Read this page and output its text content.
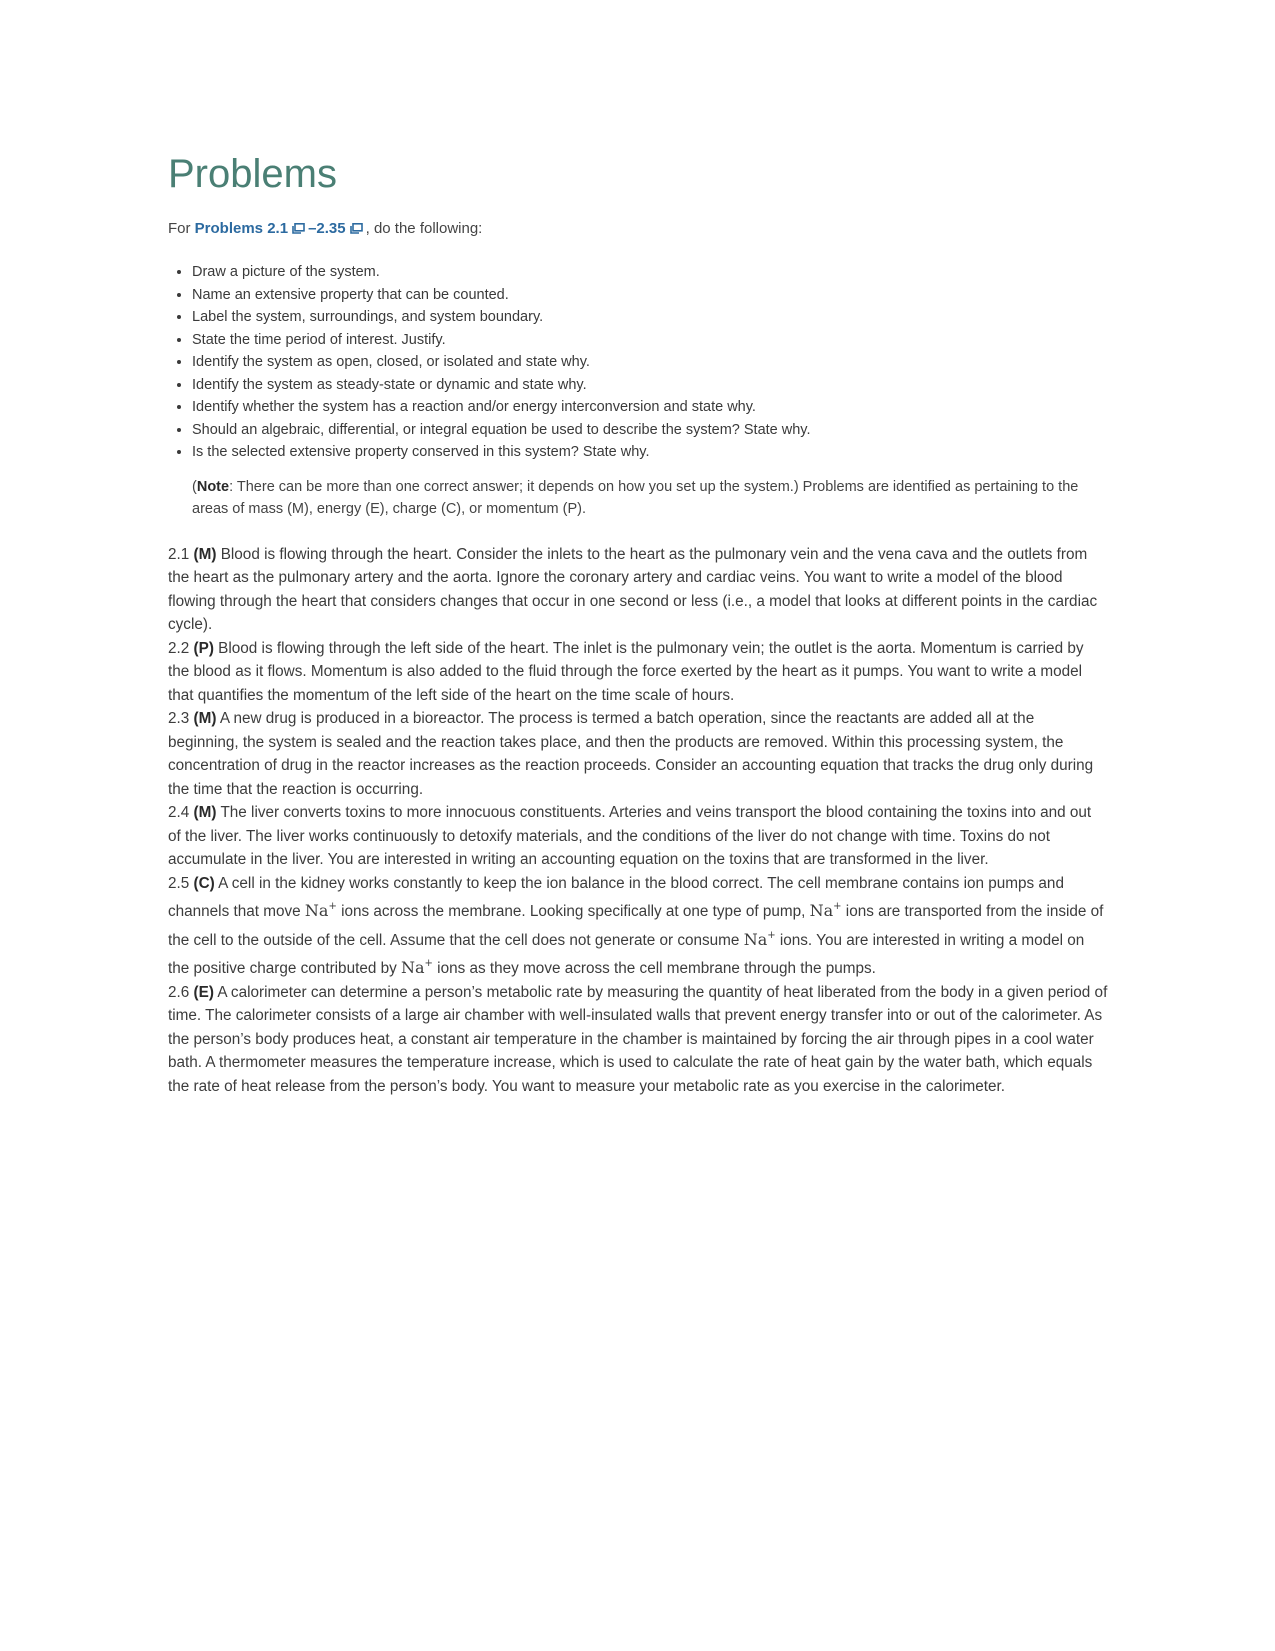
Problems

For Problems 2.1 –2.35 , do the following:

• Draw a picture of the system.
• Name an extensive property that can be counted.
• Label the system, surroundings, and system boundary.
• State the time period of interest. Justify.
• Identify the system as open, closed, or isolated and state why.
• Identify the system as steady-state or dynamic and state why.
• Identify whether the system has a reaction and/or energy interconversion and state why.
• Should an algebraic, differential, or integral equation be used to describe the system? State why.
• Is the selected extensive property conserved in this system? State why.

(Note: There can be more than one correct answer; it depends on how you set up the system.) Problems are identified as pertaining to the areas of mass (M), energy (E), charge (C), or momentum (P).

2.1 (M) Blood is flowing through the heart. Consider the inlets to the heart as the pulmonary vein and the vena cava and the outlets from the heart as the pulmonary artery and the aorta. Ignore the coronary artery and cardiac veins. You want to write a model of the blood flowing through the heart that considers changes that occur in one second or less (i.e., a model that looks at different points in the cardiac cycle).

2.2 (P) Blood is flowing through the left side of the heart. The inlet is the pulmonary vein; the outlet is the aorta. Momentum is carried by the blood as it flows. Momentum is also added to the fluid through the force exerted by the heart as it pumps. You want to write a model that quantifies the momentum of the left side of the heart on the time scale of hours.

2.3 (M) A new drug is produced in a bioreactor. The process is termed a batch operation, since the reactants are added all at the beginning, the system is sealed and the reaction takes place, and then the products are removed. Within this processing system, the concentration of drug in the reactor increases as the reaction proceeds. Consider an accounting equation that tracks the drug only during the time that the reaction is occurring.

2.4 (M) The liver converts toxins to more innocuous constituents. Arteries and veins transport the blood containing the toxins into and out of the liver. The liver works continuously to detoxify materials, and the conditions of the liver do not change with time. Toxins do not accumulate in the liver. You are interested in writing an accounting equation on the toxins that are transformed in the liver.

2.5 (C) A cell in the kidney works constantly to keep the ion balance in the blood correct. The cell membrane contains ion pumps and channels that move Na+ ions across the membrane. Looking specifically at one type of pump, Na+ ions are transported from the inside of the cell to the outside of the cell. Assume that the cell does not generate or consume Na+ ions. You are interested in writing a model on the positive charge contributed by Na+ ions as they move across the cell membrane through the pumps.

2.6 (E) A calorimeter can determine a person’s metabolic rate by measuring the quantity of heat liberated from the body in a given period of time. The calorimeter consists of a large air chamber with well-insulated walls that prevent energy transfer into or out of the calorimeter. As the person’s body produces heat, a constant air temperature in the chamber is maintained by forcing the air through pipes in a cool water bath. A thermometer measures the temperature increase, which is used to calculate the rate of heat gain by the water bath, which equals the rate of heat release from the person’s body. You want to measure your metabolic rate as you exercise in the calorimeter.
